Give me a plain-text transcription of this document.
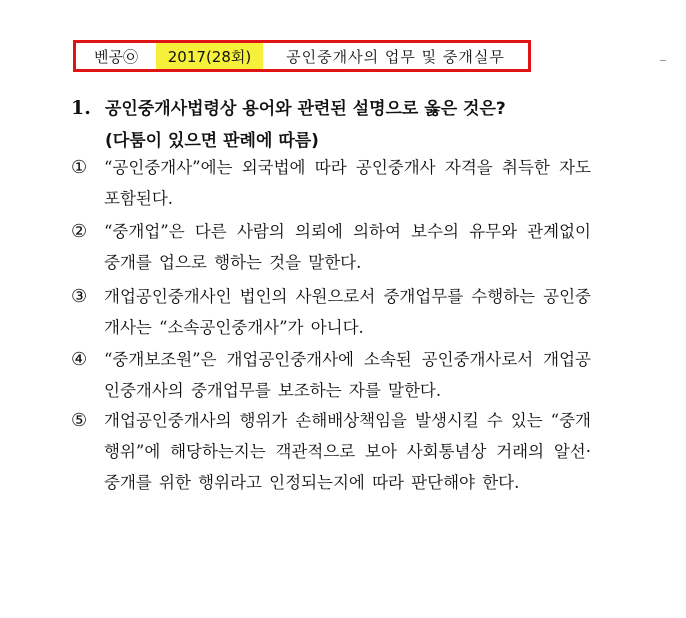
벤공㉧	2017(28회)	공인중개사의 업무 및 중개실무
1. 공인중개사법령상 용어와 관련된 설명으로 옳은 것은?
(다툼이 있으면 판례에 따름)
①	“공인중개사”에는 외국법에 따라 공인중개사 자격을 취득한 자도 포함된다.
②	“중개업”은 다른 사람의 의뢰에 의하여 보수의 유무와 관계없이 중개를 업으로 행하는 것을 말한다.
③	개업공인중개사인 법인의 사원으로서 중개업무를 수행하는 공인중개사는 “소속공인중개사”가 아니다.
④	“중개보조원”은 개업공인중개사에 소속된 공인중개사로서 개업공인중개사의 중개업무를 보조하는 자를 말한다.
⑤	개업공인중개사의 행위가 손해배상책임을 발생시킬 수 있는 “중개행위”에 해당하는지는 객관적으로 보아 사회통념상 거래의 알선·중개를 위한 행위라고 인정되는지에 따라 판단해야 한다.
